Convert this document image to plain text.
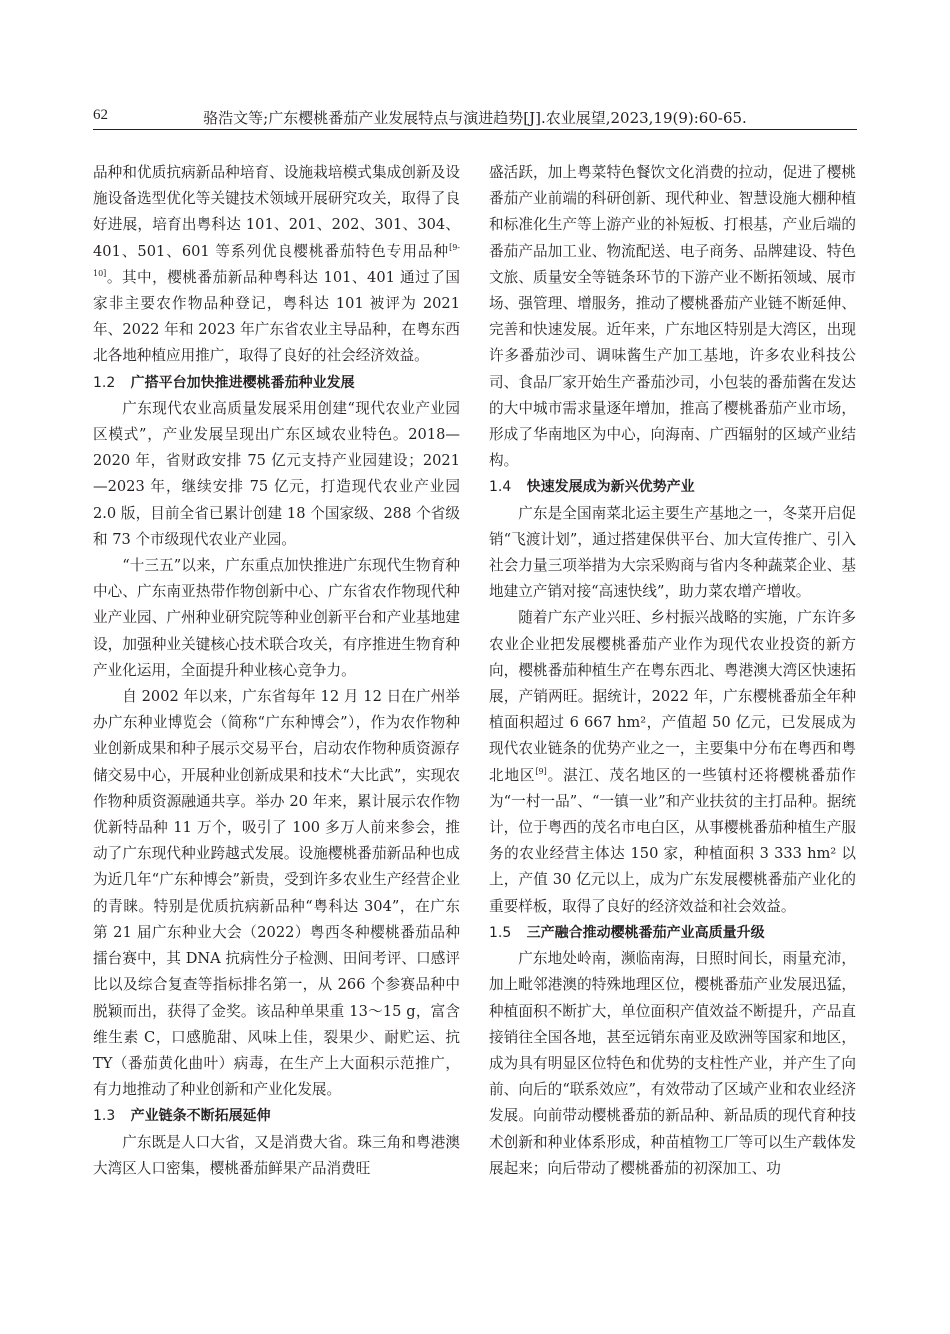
62	骆浩文等;广东樱桃番茄产业发展特点与演进趋势[J].农业展望,2023,19(9):60-65.

品种和优质抗病新品种培育、设施栽培模式集成创新及设施设备选型优化等关键技术领域开展研究攻关，取得了良好进展，培育出粤科达 101、201、202、301、304、401、501、601 等系列优良樱桃番茄特色专用品种[9-10]。其中，樱桃番茄新品种粤科达 101、401 通过了国家非主要农作物品种登记，粤科达 101 被评为 2021 年、2022 年和 2023 年广东省农业主导品种，在粤东西北各地种植应用推广，取得了良好的社会经济效益。

1.2 广搭平台加快推进樱桃番茄种业发展

广东现代农业高质量发展采用创建“现代农业产业园区模式”，产业发展呈现出广东区域农业特色。2018—2020 年，省财政安排 75 亿元支持产业园建设；2021—2023 年，继续安排 75 亿元，打造现代农业产业园 2.0 版，目前全省已累计创建 18 个国家级、288 个省级和 73 个市级现代农业产业园。

“十三五”以来，广东重点加快推进广东现代生物育种中心、广东南亚热带作物创新中心、广东省农作物现代种业产业园、广州种业研究院等种业创新平台和产业基地建设，加强种业关键核心技术联合攻关，有序推进生物育种产业化运用，全面提升种业核心竞争力。

自 2002 年以来，广东省每年 12 月 12 日在广州举办广东种业博览会（简称“广东种博会”），作为农作物种业创新成果和种子展示交易平台，启动农作物种质资源存储交易中心，开展种业创新成果和技术“大比武”，实现农作物种质资源融通共享。举办 20 年来，累计展示农作物优新特品种 11 万个，吸引了 100 多万人前来参会，推动了广东现代种业跨越式发展。设施樱桃番茄新品种也成为近几年“广东种博会”新贵，受到许多农业生产经营企业的青睐。特别是优质抗病新品种“粤科达 304”，在广东第 21 届广东种业大会（2022）粤西冬种樱桃番茄品种擂台赛中，其 DNA 抗病性分子检测、田间考评、口感评比以及综合复查等指标排名第一，从 266 个参赛品种中脱颖而出，获得了金奖。该品种单果重 13～15 g，富含维生素 C，口感脆甜、风味上佳，裂果少、耐贮运、抗 TY（番茄黄化曲叶）病毒，在生产上大面积示范推广，有力地推动了种业创新和产业化发展。

1.3 产业链条不断拓展延伸

广东既是人口大省，又是消费大省。珠三角和粤港澳大湾区人口密集，樱桃番茄鲜果产品消费旺

盛活跃，加上粤菜特色餐饮文化消费的拉动，促进了樱桃番茄产业前端的科研创新、现代种业、智慧设施大棚种植和标准化生产等上游产业的补短板、打根基，产业后端的番茄产品加工业、物流配送、电子商务、品牌建设、特色文旅、质量安全等链条环节的下游产业不断拓领域、展市场、强管理、增服务，推动了樱桃番茄产业链不断延伸、完善和快速发展。近年来，广东地区特别是大湾区，出现许多番茄沙司、调味酱生产加工基地，许多农业科技公司、食品厂家开始生产番茄沙司，小包装的番茄酱在发达的大中城市需求量逐年增加，推高了樱桃番茄产业市场，形成了华南地区为中心，向海南、广西辐射的区域产业结构。

1.4 快速发展成为新兴优势产业

广东是全国南菜北运主要生产基地之一，冬菜开启促销“飞渡计划”，通过搭建保供平台、加大宣传推广、引入社会力量三项举措为大宗采购商与省内冬种蔬菜企业、基地建立产销对接“高速快线”，助力菜农增产增收。

随着广东产业兴旺、乡村振兴战略的实施，广东许多农业企业把发展樱桃番茄产业作为现代农业投资的新方向，樱桃番茄种植生产在粤东西北、粤港澳大湾区快速拓展，产销两旺。据统计，2022 年，广东樱桃番茄全年种植面积超过 6 667 hm²，产值超 50 亿元，已发展成为现代农业链条的优势产业之一，主要集中分布在粤西和粤北地区[9]。湛江、茂名地区的一些镇村还将樱桃番茄作为“一村一品”、“一镇一业”和产业扶贫的主打品种。据统计，位于粤西的茂名市电白区，从事樱桃番茄种植生产服务的农业经营主体达 150 家，种植面积 3 333 hm² 以上，产值 30 亿元以上，成为广东发展樱桃番茄产业化的重要样板，取得了良好的经济效益和社会效益。

1.5 三产融合推动樱桃番茄产业高质量升级

广东地处岭南，濒临南海，日照时间长，雨量充沛，加上毗邻港澳的特殊地理区位，樱桃番茄产业发展迅猛，种植面积不断扩大，单位面积产值效益不断提升，产品直接销往全国各地，甚至远销东南亚及欧洲等国家和地区，成为具有明显区位特色和优势的支柱性产业，并产生了向前、向后的“联系效应”，有效带动了区域产业和农业经济发展。向前带动樱桃番茄的新品种、新品质的现代育种技术创新和种业体系形成，种苗植物工厂等可以生产载体发展起来；向后带动了樱桃番茄的初深加工、功
